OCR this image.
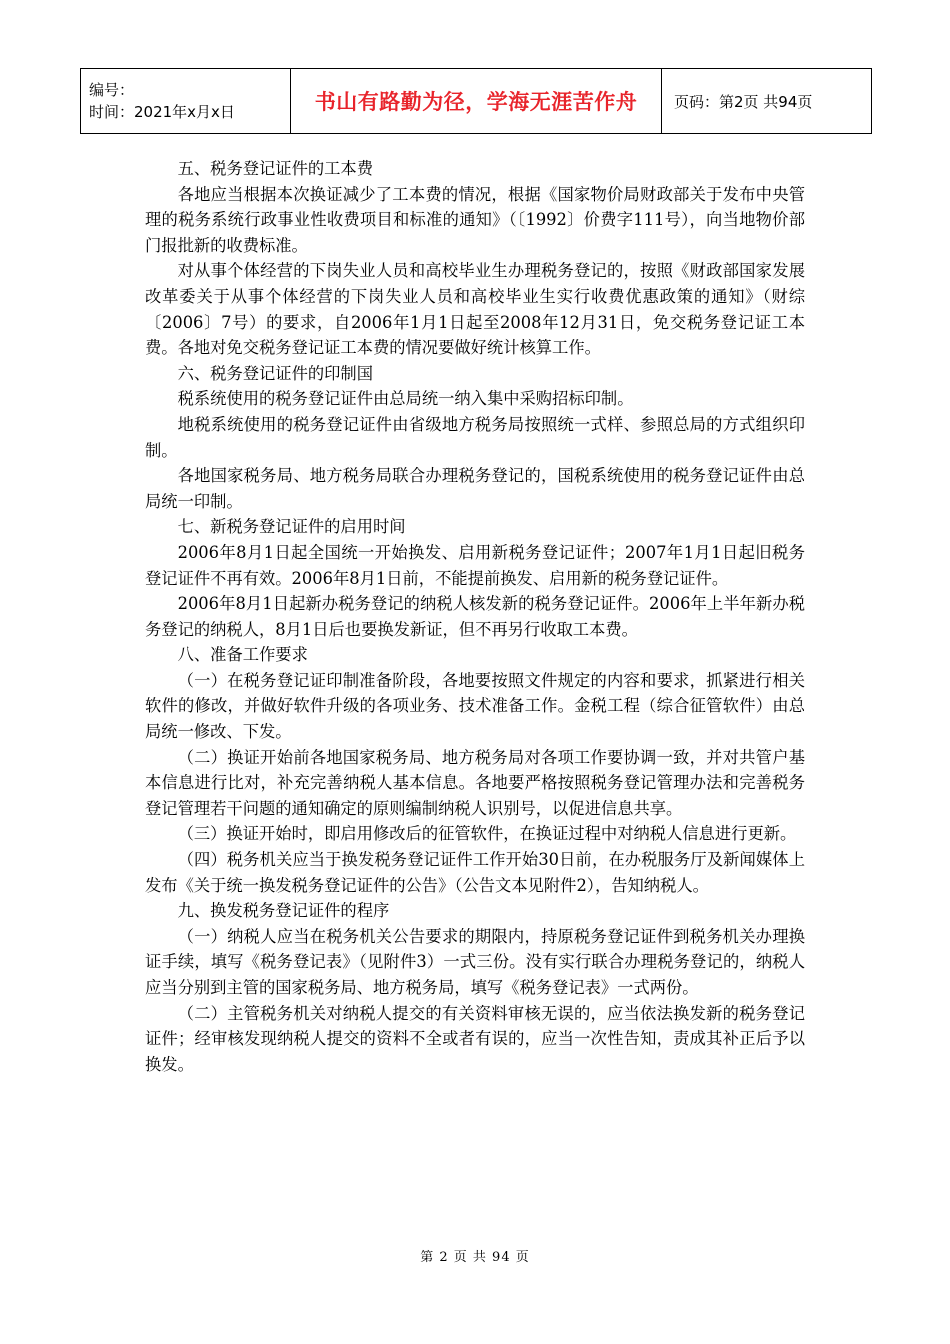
编号：
时间：2021年x月x日	书山有路勤为径，学海无涯苦作舟	页码：第2页 共94页

五、税务登记证件的工本费

各地应当根据本次换证减少了工本费的情况，根据《国家物价局财政部关于发布中央管理的税务系统行政事业性收费项目和标准的通知》（〔1992〕价费字111号），向当地物价部门报批新的收费标准。

对从事个体经营的下岗失业人员和高校毕业生办理税务登记的，按照《财政部国家发展改革委关于从事个体经营的下岗失业人员和高校毕业生实行收费优惠政策的通知》（财综〔2006〕7号）的要求，自2006年1月1日起至2008年12月31日，免交税务登记证工本费。各地对免交税务登记证工本费的情况要做好统计核算工作。

六、税务登记证件的印制国

税系统使用的税务登记证件由总局统一纳入集中采购招标印制。

地税系统使用的税务登记证件由省级地方税务局按照统一式样、参照总局的方式组织印制。

各地国家税务局、地方税务局联合办理税务登记的，国税系统使用的税务登记证件由总局统一印制。

七、新税务登记证件的启用时间

2006年8月1日起全国统一开始换发、启用新税务登记证件；2007年1月1日起旧税务登记证件不再有效。2006年8月1日前，不能提前换发、启用新的税务登记证件。

2006年8月1日起新办税务登记的纳税人核发新的税务登记证件。2006年上半年新办税务登记的纳税人，8月1日后也要换发新证，但不再另行收取工本费。

八、准备工作要求

（一）在税务登记证印制准备阶段，各地要按照文件规定的内容和要求，抓紧进行相关软件的修改，并做好软件升级的各项业务、技术准备工作。金税工程（综合征管软件）由总局统一修改、下发。

（二）换证开始前各地国家税务局、地方税务局对各项工作要协调一致，并对共管户基本信息进行比对，补充完善纳税人基本信息。各地要严格按照税务登记管理办法和完善税务登记管理若干问题的通知确定的原则编制纳税人识别号，以促进信息共享。

（三）换证开始时，即启用修改后的征管软件，在换证过程中对纳税人信息进行更新。

（四）税务机关应当于换发税务登记证件工作开始30日前，在办税服务厅及新闻媒体上发布《关于统一换发税务登记证件的公告》（公告文本见附件2），告知纳税人。

九、换发税务登记证件的程序

（一）纳税人应当在税务机关公告要求的期限内，持原税务登记证件到税务机关办理换证手续，填写《税务登记表》（见附件3）一式三份。没有实行联合办理税务登记的，纳税人应当分别到主管的国家税务局、地方税务局，填写《税务登记表》一式两份。

（二）主管税务机关对纳税人提交的有关资料审核无误的，应当依法换发新的税务登记证件；经审核发现纳税人提交的资料不全或者有误的，应当一次性告知，责成其补正后予以换发。

第 2 页 共 94 页
